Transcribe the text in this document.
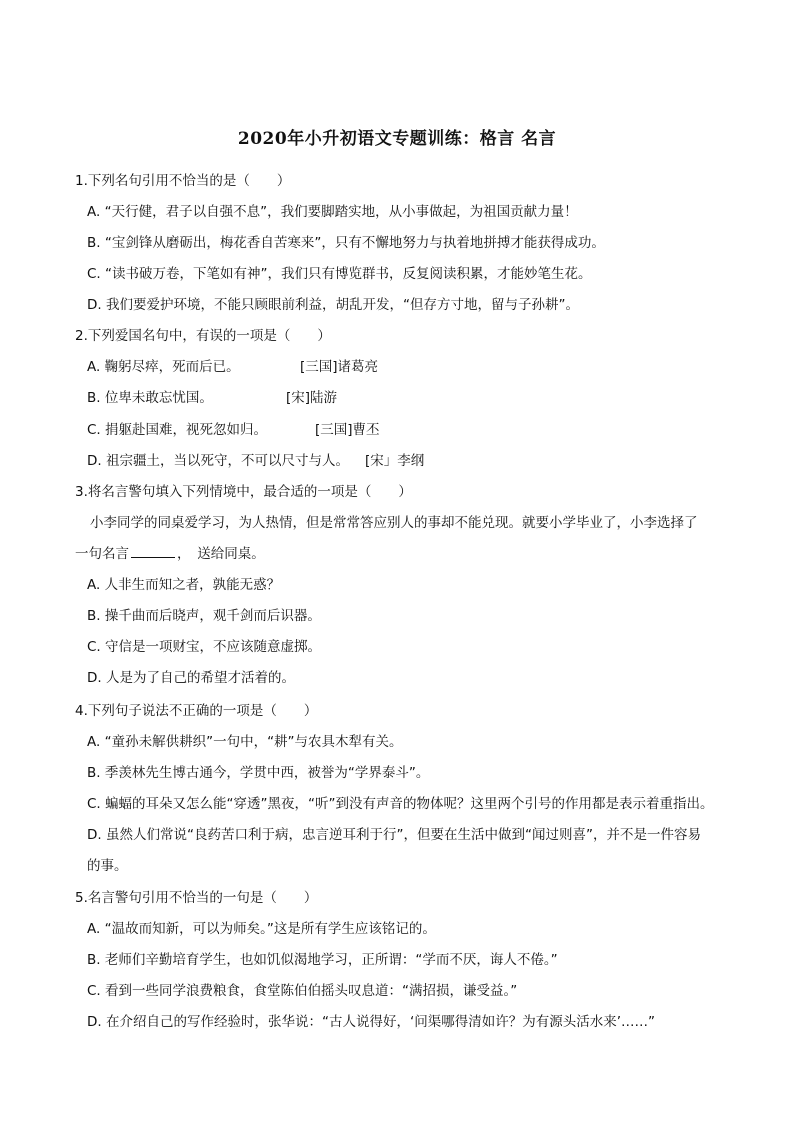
2020年小升初语文专题训练：格言 名言
1.下列名句引用不恰当的是（　　）
A. “天行健，君子以自强不息”，我们要脚踏实地，从小事做起，为祖国贡献力量！
B. “宝剑锋从磨砺出，梅花香自苦寒来”，只有不懈地努力与执着地拼搏才能获得成功。
C. “读书破万卷，下笔如有神”，我们只有博览群书，反复阅读积累，才能妙笔生花。
D. 我们要爱护环境，不能只顾眼前利益，胡乱开发，“但存方寸地，留与子孙耕”。
2.下列爱国名句中，有误的一项是（　　）
A. 鞠躬尽瘁，死而后已。	[三国]诸葛亮
B. 位卑未敢忘忧国。	[宋]陆游
C. 捐躯赴国难，视死忽如归。	[三国]曹丕
D. 祖宗疆土，当以死守，不可以尺寸与人。 [宋」李纲
3.将名言警句填入下列情境中，最合适的一项是（　　）
小李同学的同桌爱学习，为人热情，但是常常答应别人的事却不能兑现。就要小学毕业了，小李选择了
一句名言	，　送给同桌。
A. 人非生而知之者，孰能无惑？
B. 操千曲而后晓声，观千剑而后识器。
C. 守信是一项财宝，不应该随意虚掷。
D. 人是为了自己的希望才活着的。
4.下列句子说法不正确的一项是（　　）
A. “童孙未解供耕织”一句中，“耕”与农具木犁有关。
B. 季羡林先生博古通今，学贯中西，被誉为“学界泰斗”。
C. 蝙蝠的耳朵又怎么能“穿透”黑夜，“听”到没有声音的物体呢？这里两个引号的作用都是表示着重指出。
D. 虽然人们常说“良药苦口利于病，忠言逆耳利于行”，但要在生活中做到“闻过则喜”，并不是一件容易
的事。
5.名言警句引用不恰当的一句是（　　）
A. “温故而知新，可以为师矣。”这是所有学生应该铭记的。
B. 老师们辛勤培育学生，也如饥似渴地学习，正所谓：“学而不厌，诲人不倦。”
C. 看到一些同学浪费粮食，食堂陈伯伯摇头叹息道：“满招损，谦受益。”
D. 在介绍自己的写作经验时，张华说：“古人说得好，‘问渠哪得清如许？为有源头活水来’……”
